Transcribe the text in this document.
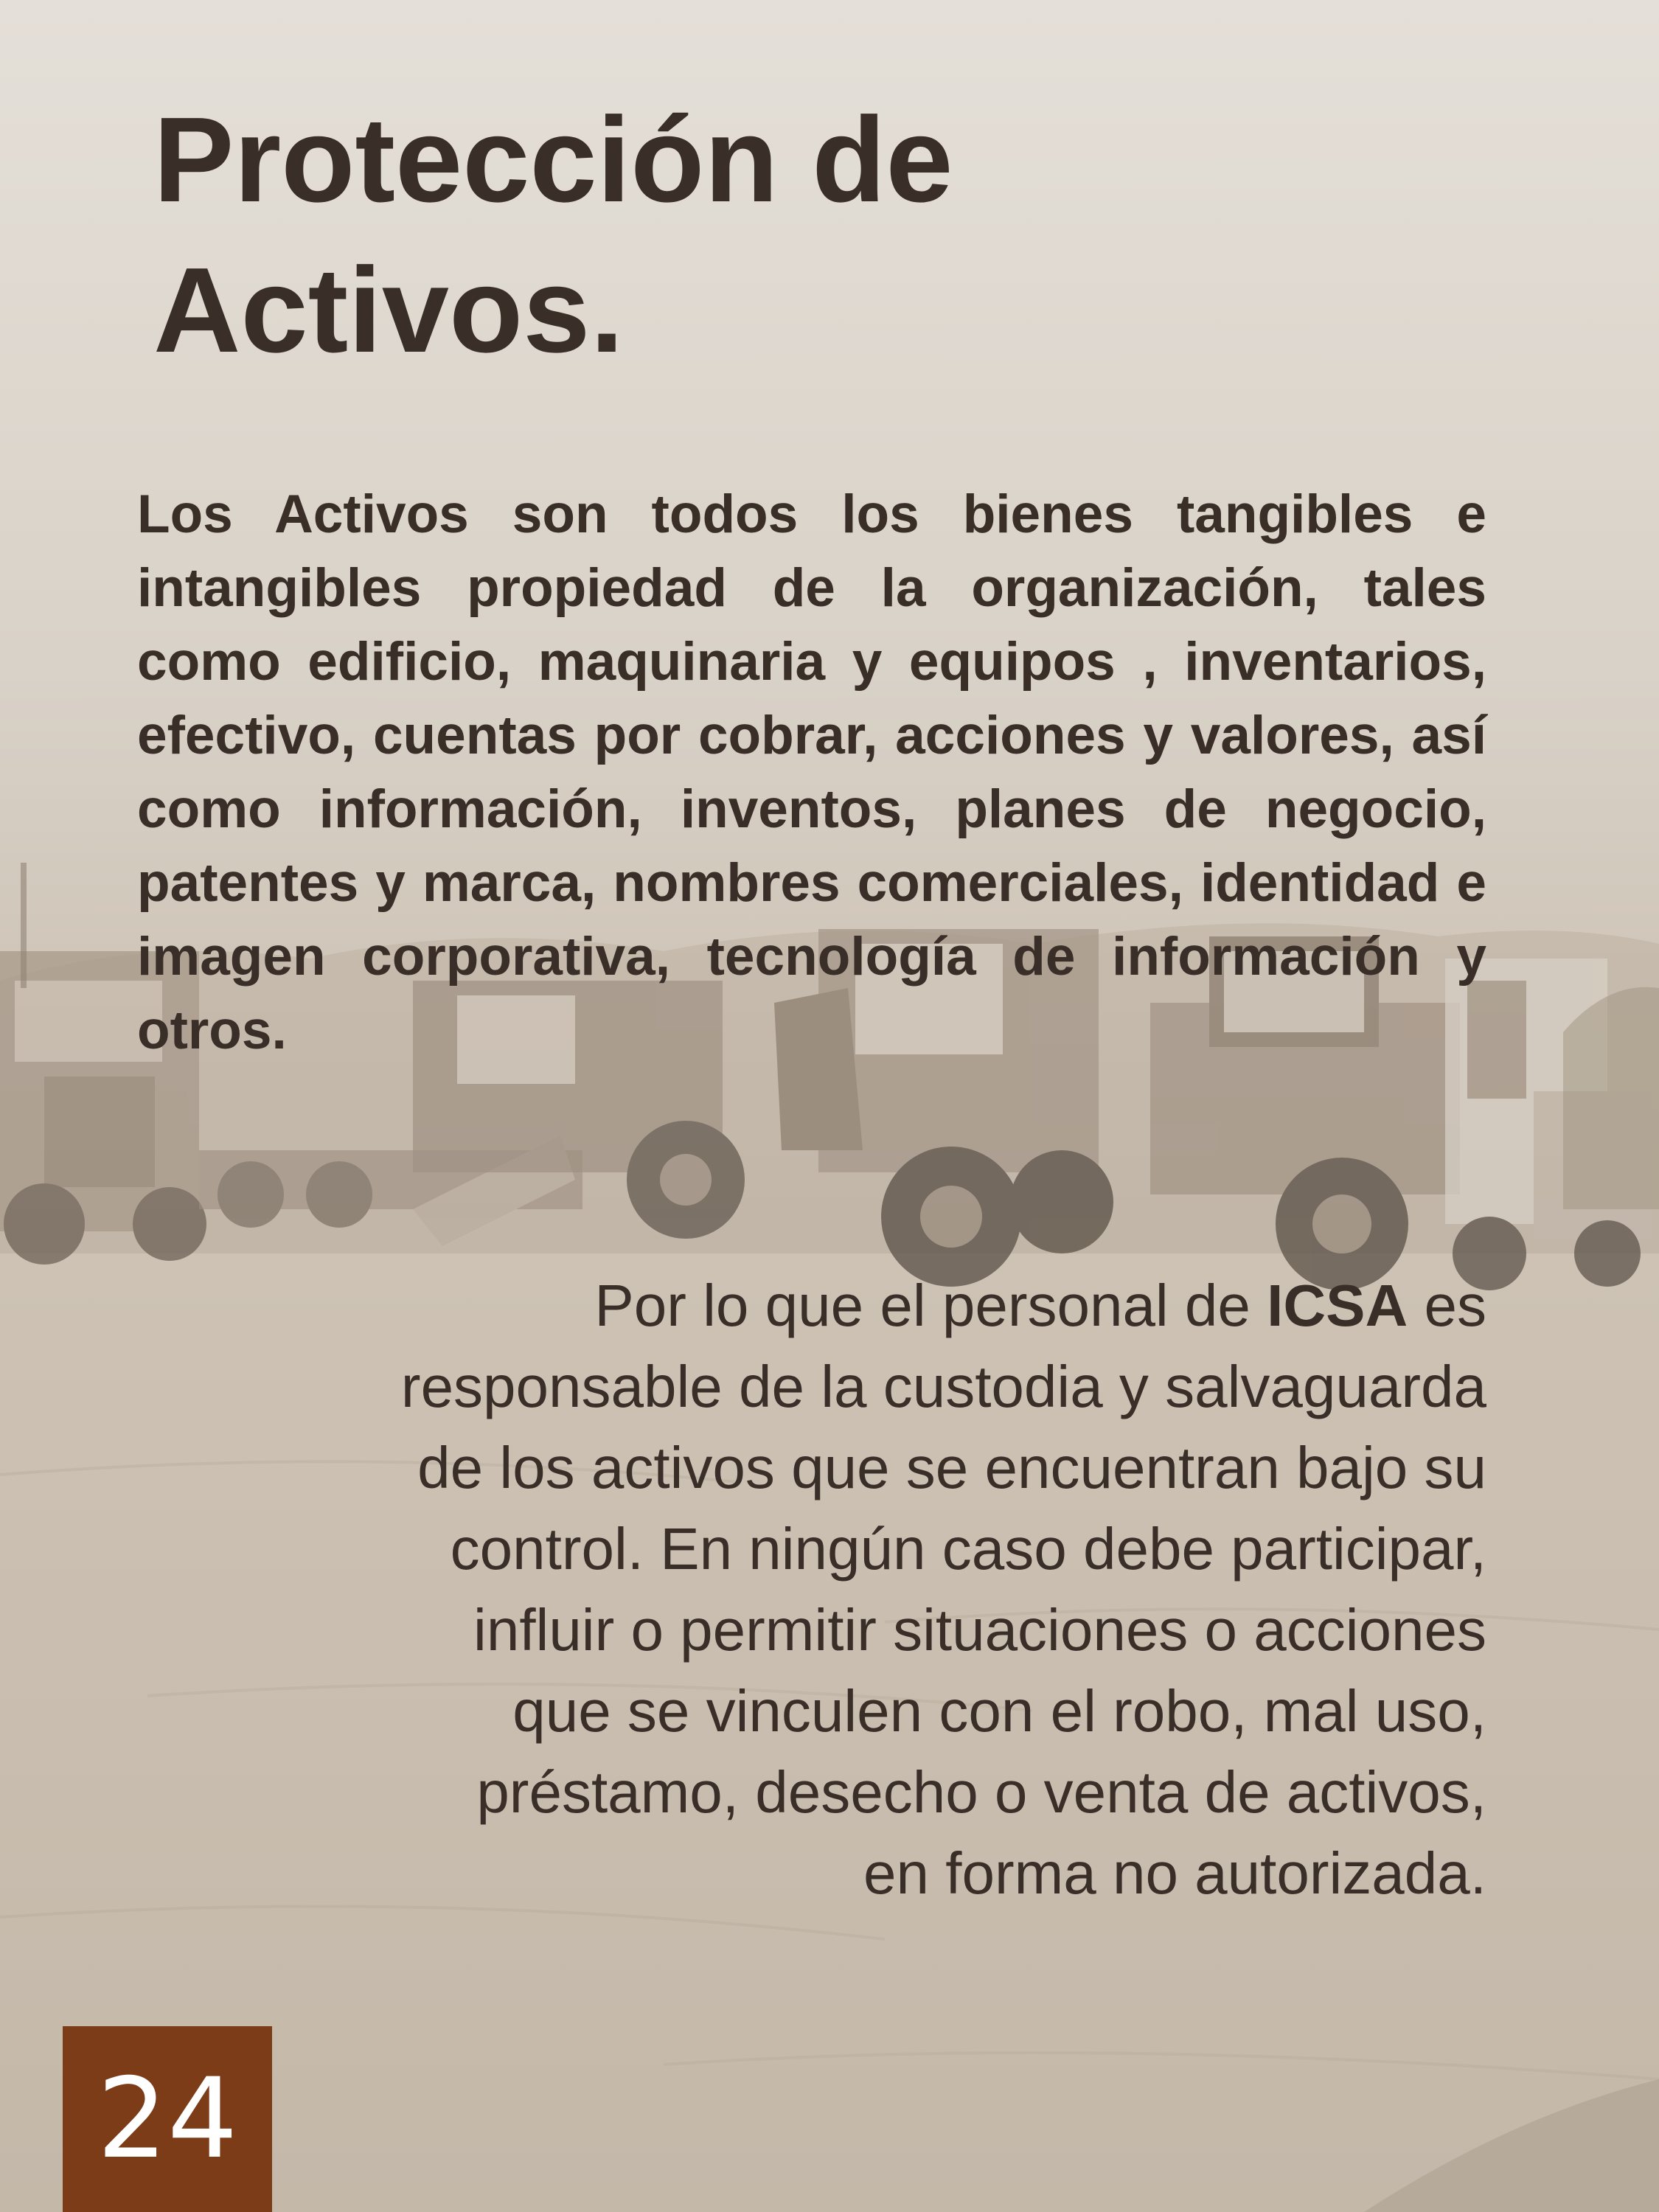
Protección de
Activos.

Los Activos son todos los bienes tangibles e intangibles propiedad de la organización, tales como edificio, maquinaria y equipos , inventarios, efectivo, cuentas por cobrar, acciones y valores, así como información, inventos, planes de negocio, patentes y marca, nombres comerciales, identidad e imagen corporativa, tecnología de información y otros.

Por lo que el personal de ICSA es responsable de la custodia y salvaguarda de los activos que se encuentran bajo su control. En ningún caso debe participar, influir o permitir situaciones o acciones que se vinculen con el robo, mal uso, préstamo, desecho o venta de activos, en forma no autorizada.

24
